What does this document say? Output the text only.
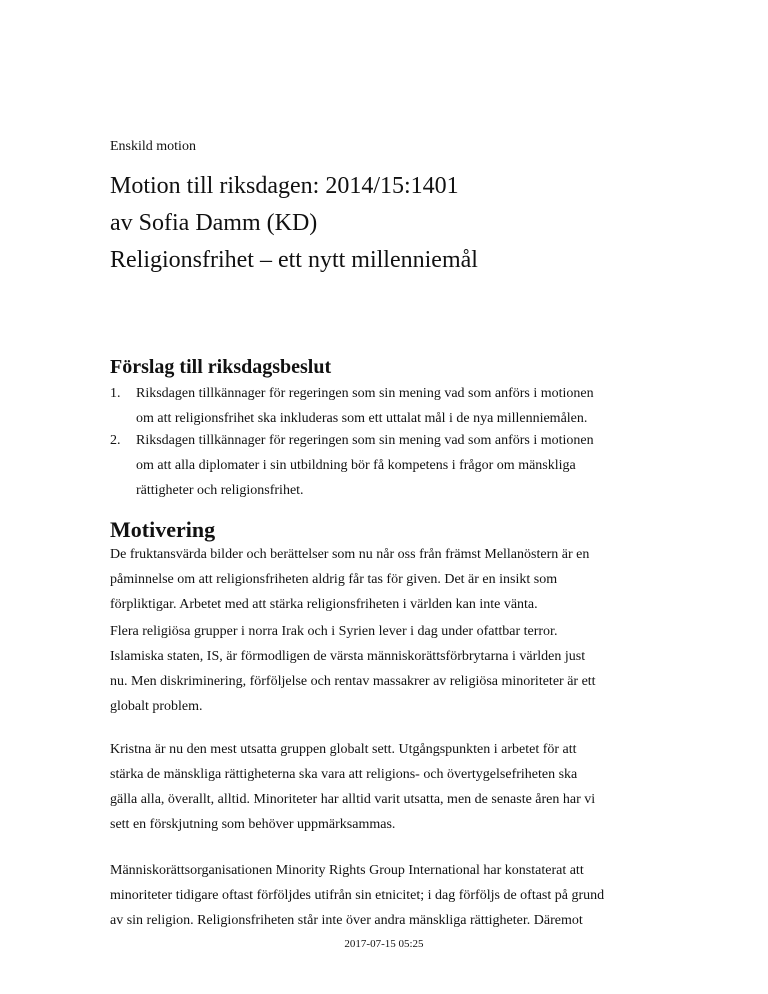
Enskild motion
Motion till riksdagen: 2014/15:1401
av Sofia Damm (KD)
Religionsfrihet – ett nytt millenniemål
Förslag till riksdagsbeslut
1. Riksdagen tillkännager för regeringen som sin mening vad som anförs i motionen
om att religionsfrihet ska inkluderas som ett uttalat mål i de nya millenniemålen.
2. Riksdagen tillkännager för regeringen som sin mening vad som anförs i motionen
om att alla diplomater i sin utbildning bör få kompetens i frågor om mänskliga
rättigheter och religionsfrihet.
Motivering
De fruktansvärda bilder och berättelser som nu når oss från främst Mellanöstern är en
påminnelse om att religionsfriheten aldrig får tas för given. Det är en insikt som
förpliktigar. Arbetet med att stärka religionsfriheten i världen kan inte vänta.
Flera religiösa grupper i norra Irak och i Syrien lever i dag under ofattbar terror.
Islamiska staten, IS, är förmodligen de värsta människorättsförbrytarna i världen just
nu. Men diskriminering, förföljelse och rentav massakrer av religiösa minoriteter är ett
globalt problem.
Kristna är nu den mest utsatta gruppen globalt sett. Utgångspunkten i arbetet för att
stärka de mänskliga rättigheterna ska vara att religions- och övertygelsefriheten ska
gälla alla, överallt, alltid. Minoriteter har alltid varit utsatta, men de senaste åren har vi
sett en förskjutning som behöver uppmärksammas.
Människorättsorganisationen Minority Rights Group International har konstaterat att
minoriteter tidigare oftast förföljdes utifrån sin etnicitet; i dag förföljs de oftast på grund
av sin religion. Religionsfriheten står inte över andra mänskliga rättigheter. Däremot
2017-07-15 05:25
